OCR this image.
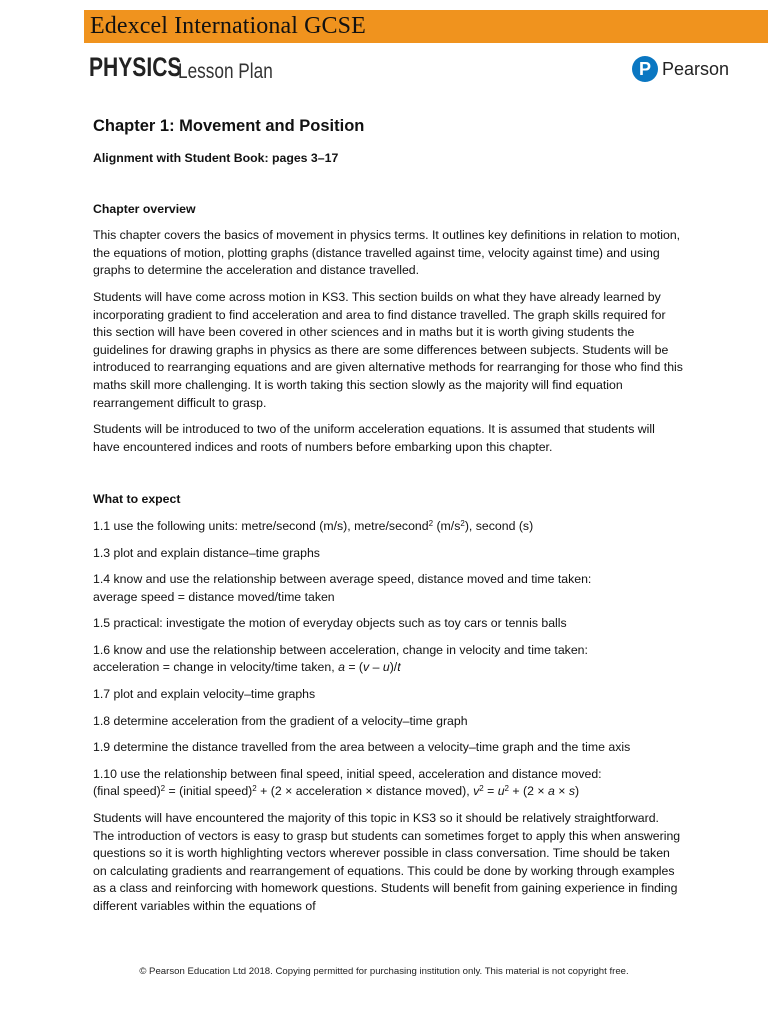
Edexcel International GCSE
PHYSICS
Lesson Plan	P Pearson
Chapter 1: Movement and Position
Alignment with Student Book: pages 3–17
Chapter overview
This chapter covers the basics of movement in physics terms. It outlines key definitions in relation to motion, the equations of motion, plotting graphs (distance travelled against time, velocity against time) and using graphs to determine the acceleration and distance travelled.
Students will have come across motion in KS3. This section builds on what they have already learned by incorporating gradient to find acceleration and area to find distance travelled. The graph skills required for this section will have been covered in other sciences and in maths but it is worth giving students the guidelines for drawing graphs in physics as there are some differences between subjects. Students will be introduced to rearranging equations and are given alternative methods for rearranging for those who find this maths skill more challenging. It is worth taking this section slowly as the majority will find equation rearrangement difficult to grasp.
Students will be introduced to two of the uniform acceleration equations. It is assumed that students will have encountered indices and roots of numbers before embarking upon this chapter.
What to expect
1.1 use the following units: metre/second (m/s), metre/second$^2$ $(m/s^2)$, second (s)
1.3 plot and explain distance–time graphs
1.4 know and use the relationship between average speed, distance moved and time taken:
average speed = distance moved/time taken
1.5 practical: investigate the motion of everyday objects such as toy cars or tennis balls
1.6 know and use the relationship between acceleration, change in velocity and time taken:
acceleration = change in velocity/time taken, a = (v – u)/t
1.7 plot and explain velocity–time graphs
1.8 determine acceleration from the gradient of a velocity–time graph
1.9 determine the distance travelled from the area between a velocity–time graph and the time axis
1.10 use the relationship between final speed, initial speed, acceleration and distance moved:
(final speed)$^2$ = (initial speed)$^2$ + (2 × acceleration × distance moved), $v^2 = u^2 + (2 \times a \times s)$
Students will have encountered the majority of this topic in KS3 so it should be relatively straightforward. The introduction of vectors is easy to grasp but students can sometimes forget to apply this when answering questions so it is worth highlighting vectors wherever possible in class conversation. Time should be taken on calculating gradients and rearrangement of equations. This could be done by working through examples as a class and reinforcing with homework questions. Students will benefit from gaining experience in finding different variables within the equations of
© Pearson Education Ltd 2018. Copying permitted for purchasing institution only. This material is not copyright free.
